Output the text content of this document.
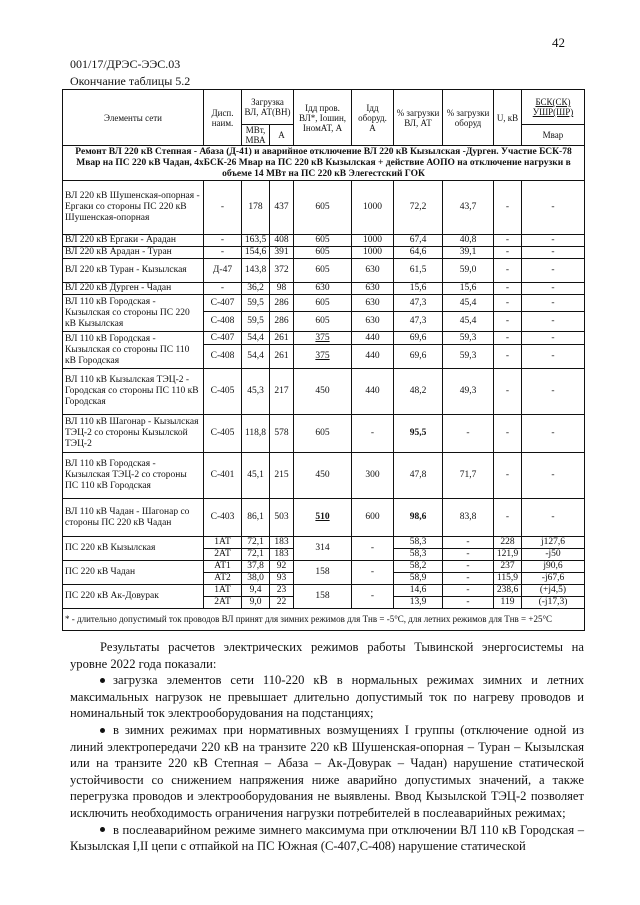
42
001/17/ДРЭС-ЭЭС.03
Окончание таблицы 5.2
Элементы сети	Дисп. наим.	Загрузка ВЛ, АТ(ВН)		Iдд пров. ВЛ*, Iошин, IномАТ, А	Iдд оборуд. А	% загрузки ВЛ, АТ	% загрузки оборуд	U, кВ	БСК(СК) УШР(ШР)
		МВт, МВА	А						Мвар
Ремонт ВЛ 220 кВ Степная - Абаза (Д-41) и аварийное отключение ВЛ 220 кВ Кызылская -Дурген. Участие БСК-78 Мвар на ПС 220 кВ Чадан, 4хБСК-26 Мвар на ПС 220 кВ Кызылская + действие АОПО на отключение нагрузки в объеме 14 МВт на ПС 220 кВ Элегестский ГОК									
ВЛ 220 кВ Шушенская-опорная - Ергаки со стороны ПС 220 кВ Шушенская-опорная	-	178	437	605	1000	72,2	43,7	-	-
ВЛ 220 кВ Ергаки - Арадан	-	163,5	408	605	1000	67,4	40,8	-	-
ВЛ 220 кВ Арадан - Туран	-	154,6	391	605	1000	64,6	39,1	-	-
ВЛ 220 кВ Туран - Кызылская	Д-47	143,8	372	605	630	61,5	59,0	-	-
ВЛ 220 кВ Дурген - Чадан	-	36,2	98	630	630	15,6	15,6	-	-
ВЛ 110 кВ Городская - Кызылская со стороны ПС 220 кВ Кызылская	С-407	59,5	286	605	630	47,3	45,4	-	-
	С-408	59,5	286	605	630	47,3	45,4	-	-
ВЛ 110 кВ Городская - Кызылская со стороны ПС 110 кВ Городская	С-407	54,4	261	375	440	69,6	59,3	-	-
	С-408	54,4	261	375	440	69,6	59,3	-	-
ВЛ 110 кВ Кызылская ТЭЦ-2 - Городская со стороны ПС 110 кВ Городская	С-405	45,3	217	450	440	48,2	49,3	-	-
ВЛ 110 кВ Шагонар - Кызылская ТЭЦ-2 со стороны Кызылской ТЭЦ-2	С-405	118,8	578	605	-	95,5	-	-	-
ВЛ 110 кВ Городская - Кызылская ТЭЦ-2 со стороны ПС 110 кВ Городская	С-401	45,1	215	450	300	47,8	71,7	-	-
ВЛ 110 кВ Чадан - Шагонар со стороны ПС 220 кВ Чадан	С-403	86,1	503	510	600	98,6	83,8	-	-
ПС 220 кВ Кызылская	1АТ	72,1	183	314	-	58,3	-	228	j127,6
	2АТ	72,1	183			58,3	-	121,9	-j50
ПС 220 кВ Чадан	АТ1	37,8	92	158	-	58,2	-	237	j90,6
	АТ2	38,0	93			58,9	-	115,9	-j67,6
ПС 220 кВ Ак-Довурак	1АТ	9,4	23	158	-	14,6	-	238,6	(+j4,5)
	2АТ	9,0	22			13,9	-	119	(-j17,3)
* - длительно допустимый ток проводов ВЛ принят для зимних режимов для Тнв = -5°С, для летних режимов для Тнв = +25°С									

Результаты расчетов электрических режимов работы Тывинской энергосистемы на уровне 2022 года показали:

загрузка элементов сети 110-220 кВ в нормальных режимах зимних и летних максимальных нагрузок не превышает длительно допустимый ток по нагреву проводов и номинальный ток электрооборудования на подстанциях;

в зимних режимах при нормативных возмущениях I группы (отключение одной из линий электропередачи 220 кВ на транзите 220 кВ Шушенская-опорная – Туран – Кызылская или на транзите 220 кВ Степная – Абаза – Ак-Довурак – Чадан) нарушение статической устойчивости со снижением напряжения ниже аварийно допустимых значений, а также перегрузка проводов и электрооборудования не выявлены. Ввод Кызылской ТЭЦ-2 позволяет исключить необходимость ограничения нагрузки потребителей в послеаварийных режимах;

в послеаварийном режиме зимнего максимума при отключении ВЛ 110 кВ Городская – Кызылская I,II цепи с отпайкой на ПС Южная (С-407,С-408) нарушение статической
